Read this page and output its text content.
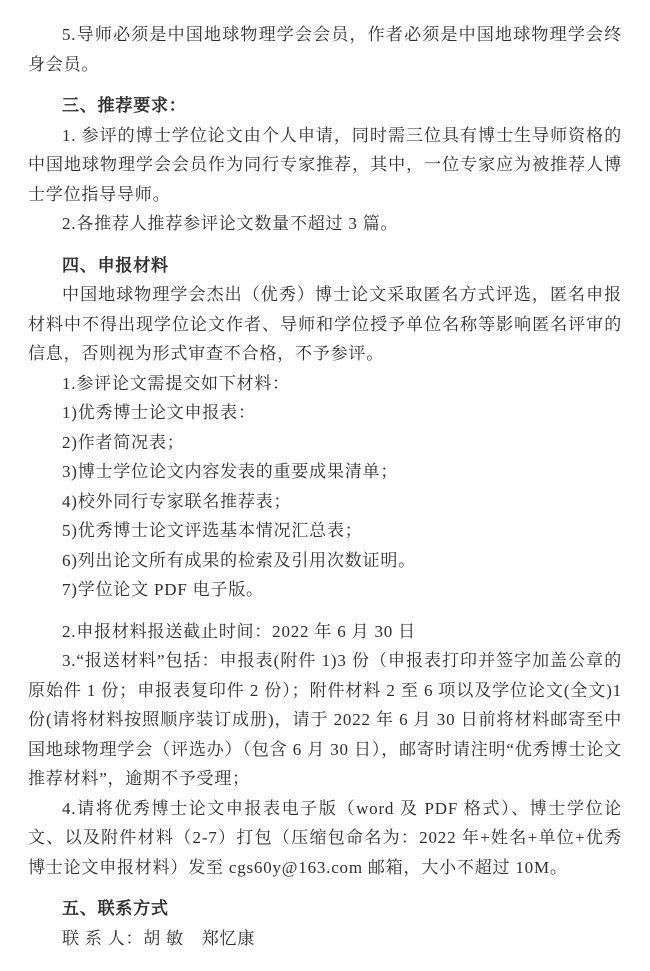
5.导师必须是中国地球物理学会会员，作者必须是中国地球物理学会终身会员。

三、推荐要求：

1. 参评的博士学位论文由个人申请，同时需三位具有博士生导师资格的中国地球物理学会会员作为同行专家推荐，其中，一位专家应为被推荐人博士学位指导导师。

2.各推荐人推荐参评论文数量不超过 3 篇。

四、申报材料

中国地球物理学会杰出（优秀）博士论文采取匿名方式评选，匿名申报材料中不得出现学位论文作者、导师和学位授予单位名称等影响匿名评审的信息，否则视为形式审查不合格，不予参评。

1.参评论文需提交如下材料：

1)优秀博士论文申报表：

2)作者简况表；

3)博士学位论文内容发表的重要成果清单；

4)校外同行专家联名推荐表；

5)优秀博士论文评选基本情况汇总表；

6)列出论文所有成果的检索及引用次数证明。

7)学位论文 PDF 电子版。

2.申报材料报送截止时间：2022 年 6 月 30 日

3.“报送材料”包括：申报表(附件 1)3 份（申报表打印并签字加盖公章的原始件 1 份；申报表复印件 2 份）；附件材料 2 至 6 项以及学位论文(全文)1 份(请将材料按照顺序装订成册)，请于 2022 年 6 月 30 日前将材料邮寄至中国地球物理学会（评选办）（包含 6 月 30 日），邮寄时请注明“优秀博士论文推荐材料”，逾期不予受理；

4.请将优秀博士论文申报表电子版（word 及 PDF 格式）、博士学位论文、以及附件材料（2-7）打包（压缩包命名为：2022 年+姓名+单位+优秀博士论文申报材料）发至 cgs60y@163.com 邮箱，大小不超过 10M。

五、联系方式

联 系 人：胡 敏　郑忆康
